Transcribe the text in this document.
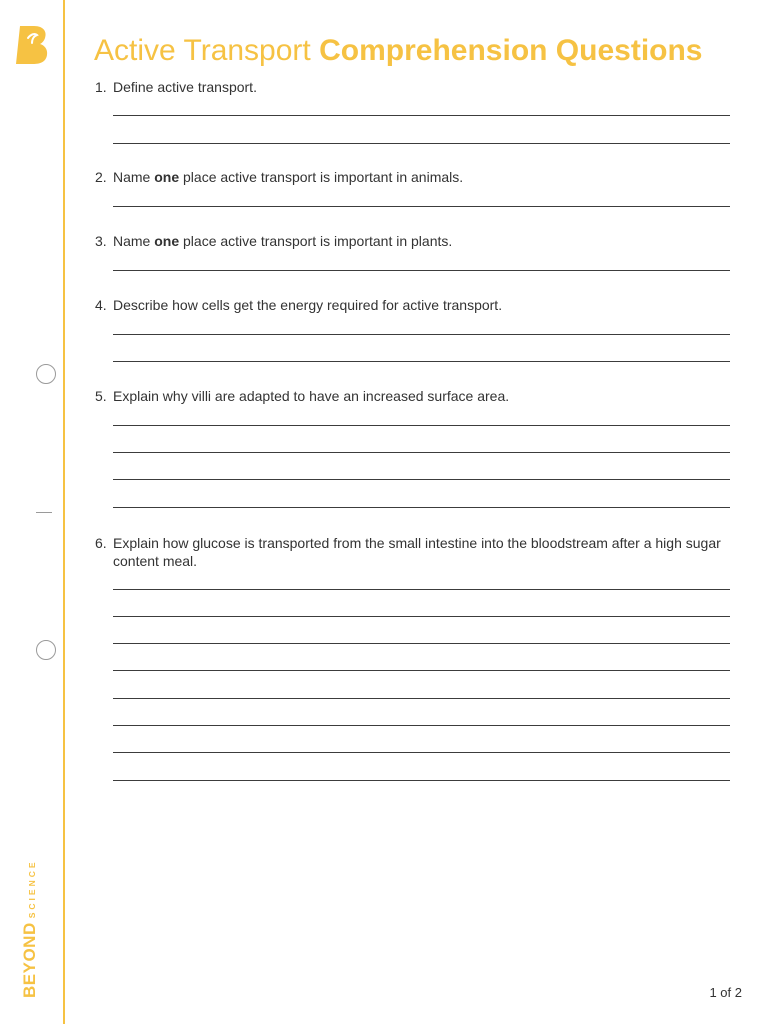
BEYONDSCIENCE
Active Transport Comprehension Questions
1. Define active transport.
2. Name one place active transport is important in animals.
3. Name one place active transport is important in plants.
4. Describe how cells get the energy required for active transport.
5. Explain why villi are adapted to have an increased surface area.
6. Explain how glucose is transported from the small intestine into the bloodstream after a high sugar content meal.
1 of 2
